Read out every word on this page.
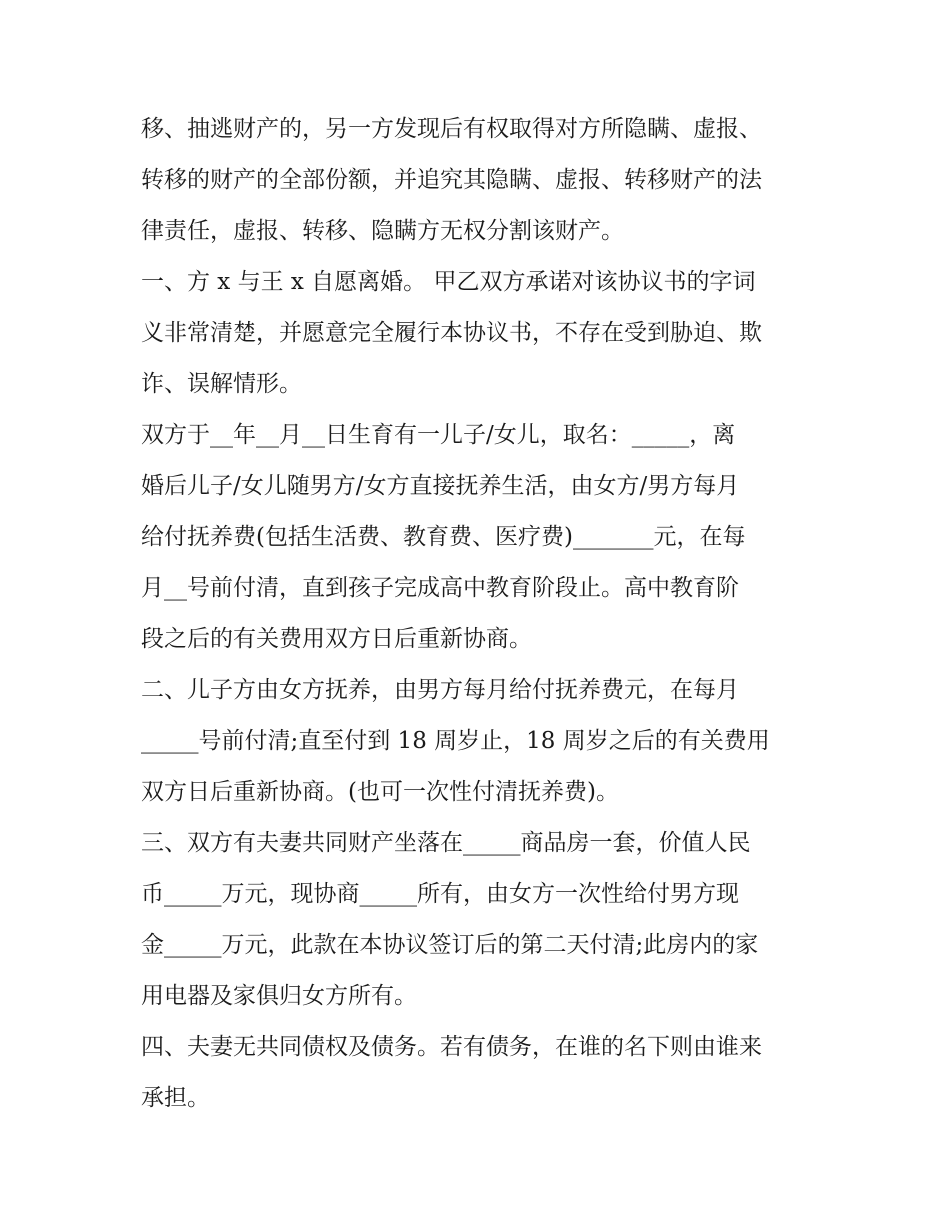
移、抽逃财产的，另一方发现后有权取得对方所隐瞒、虚报、
转移的财产的全部份额，并追究其隐瞒、虚报、转移财产的法
律责任，虚报、转移、隐瞒方无权分割该财产。
一、方 x 与王 x 自愿离婚。 甲乙双方承诺对该协议书的字词
义非常清楚，并愿意完全履行本协议书，不存在受到胁迫、欺
诈、误解情形。
双方于__年__月__日生育有一儿子/女儿，取名：_____，离
婚后儿子/女儿随男方/女方直接抚养生活，由女方/男方每月
给付抚养费(包括生活费、教育费、医疗费)_______元，在每
月__号前付清，直到孩子完成高中教育阶段止。高中教育阶
段之后的有关费用双方日后重新协商。
二、儿子方由女方抚养，由男方每月给付抚养费元，在每月
_____号前付清;直至付到 18 周岁止，18 周岁之后的有关费用
双方日后重新协商。(也可一次性付清抚养费)。
三、双方有夫妻共同财产坐落在_____商品房一套，价值人民
币_____万元，现协商_____所有，由女方一次性给付男方现
金_____万元，此款在本协议签订后的第二天付清;此房内的家
用电器及家俱归女方所有。
四、夫妻无共同债权及债务。若有债务，在谁的名下则由谁来
承担。
